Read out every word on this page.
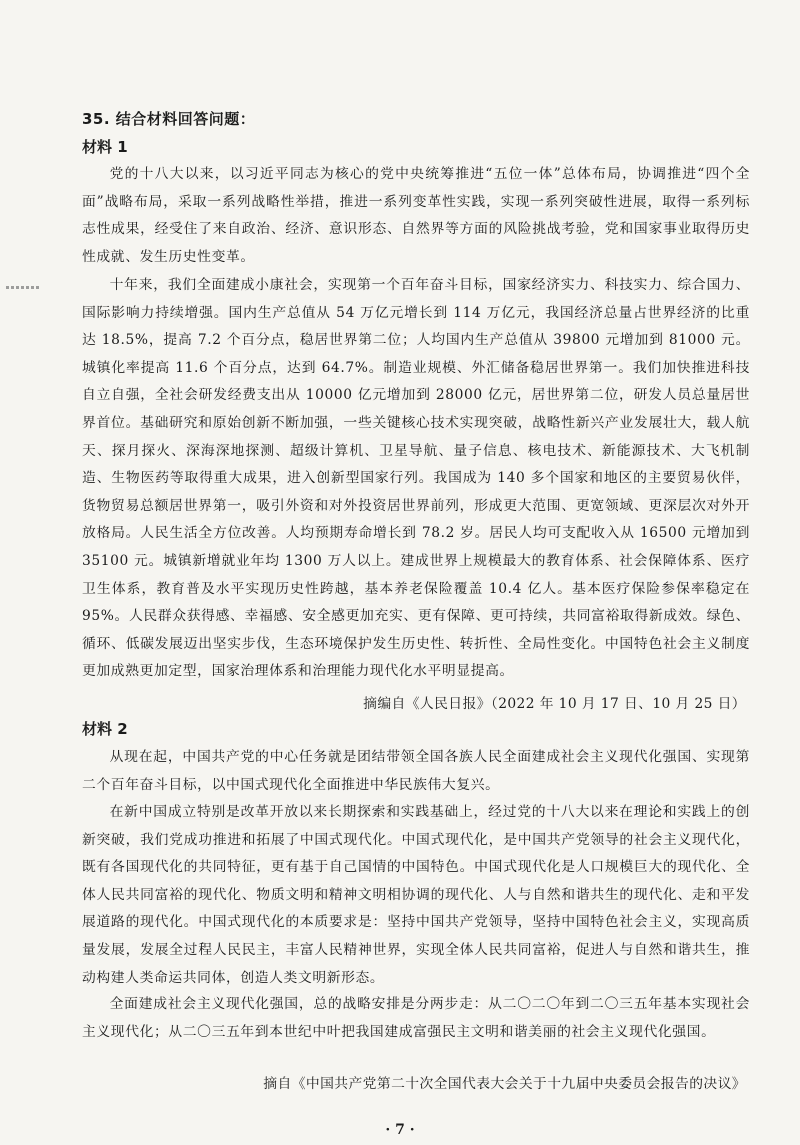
35. 结合材料回答问题：
材料 1

党的十八大以来，以习近平同志为核心的党中央统筹推进“五位一体”总体布局，协调推进“四个全面”战略布局，采取一系列战略性举措，推进一系列变革性实践，实现一系列突破性进展，取得一系列标志性成果，经受住了来自政治、经济、意识形态、自然界等方面的风险挑战考验，党和国家事业取得历史性成就、发生历史性变革。

十年来，我们全面建成小康社会，实现第一个百年奋斗目标，国家经济实力、科技实力、综合国力、国际影响力持续增强。国内生产总值从 54 万亿元增长到 114 万亿元，我国经济总量占世界经济的比重达 18.5%，提高 7.2 个百分点，稳居世界第二位；人均国内生产总值从 39800 元增加到 81000 元。城镇化率提高 11.6 个百分点，达到 64.7%。制造业规模、外汇储备稳居世界第一。我们加快推进科技自立自强，全社会研发经费支出从 10000 亿元增加到 28000 亿元，居世界第二位，研发人员总量居世界首位。基础研究和原始创新不断加强，一些关键核心技术实现突破，战略性新兴产业发展壮大，载人航天、探月探火、深海深地探测、超级计算机、卫星导航、量子信息、核电技术、新能源技术、大飞机制造、生物医药等取得重大成果，进入创新型国家行列。我国成为 140 多个国家和地区的主要贸易伙伴，货物贸易总额居世界第一，吸引外资和对外投资居世界前列，形成更大范围、更宽领域、更深层次对外开放格局。人民生活全方位改善。人均预期寿命增长到 78.2 岁。居民人均可支配收入从 16500 元增加到 35100 元。城镇新增就业年均 1300 万人以上。建成世界上规模最大的教育体系、社会保障体系、医疗卫生体系，教育普及水平实现历史性跨越，基本养老保险覆盖 10.4 亿人。基本医疗保险参保率稳定在 95%。人民群众获得感、幸福感、安全感更加充实、更有保障、更可持续，共同富裕取得新成效。绿色、循环、低碳发展迈出坚实步伐，生态环境保护发生历史性、转折性、全局性变化。中国特色社会主义制度更加成熟更加定型，国家治理体系和治理能力现代化水平明显提高。

摘编自《人民日报》（2022 年 10 月 17 日、10 月 25 日）
材料 2

从现在起，中国共产党的中心任务就是团结带领全国各族人民全面建成社会主义现代化强国、实现第二个百年奋斗目标，以中国式现代化全面推进中华民族伟大复兴。

在新中国成立特别是改革开放以来长期探索和实践基础上，经过党的十八大以来在理论和实践上的创新突破，我们党成功推进和拓展了中国式现代化。中国式现代化，是中国共产党领导的社会主义现代化，既有各国现代化的共同特征，更有基于自己国情的中国特色。中国式现代化是人口规模巨大的现代化、全体人民共同富裕的现代化、物质文明和精神文明相协调的现代化、人与自然和谐共生的现代化、走和平发展道路的现代化。中国式现代化的本质要求是：坚持中国共产党领导，坚持中国特色社会主义，实现高质量发展，发展全过程人民民主，丰富人民精神世界，实现全体人民共同富裕，促进人与自然和谐共生，推动构建人类命运共同体，创造人类文明新形态。

全面建成社会主义现代化强国，总的战略安排是分两步走：从二〇二〇年到二〇三五年基本实现社会主义现代化；从二〇三五年到本世纪中叶把我国建成富强民主文明和谐美丽的社会主义现代化强国。

摘自《中国共产党第二十次全国代表大会关于十九届中央委员会报告的决议》
· 7 ·
